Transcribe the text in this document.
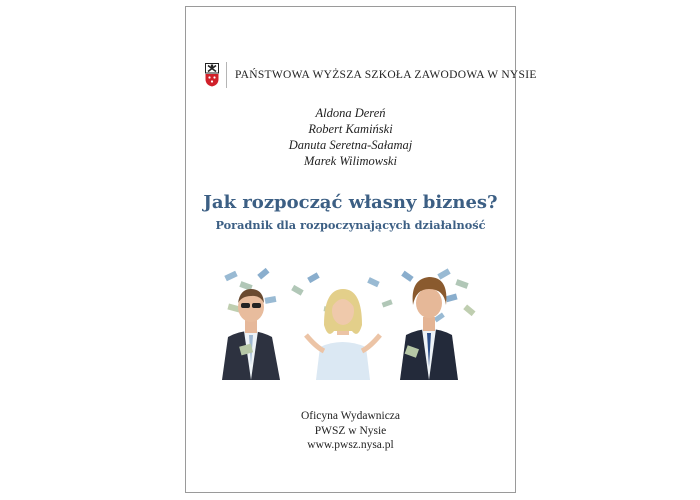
PAŃSTWOWA WYŻSZA SZKOŁA ZAWODOWA W NYSIE
Aldona Dereń
Robert Kamiński
Danuta Seretna-Sałamaj
Marek Wilimowski
Jak rozpocząć własny biznes?
Poradnik dla rozpoczynających działalność
Oficyna Wydawnicza
PWSZ w Nysie
www.pwsz.nysa.pl
